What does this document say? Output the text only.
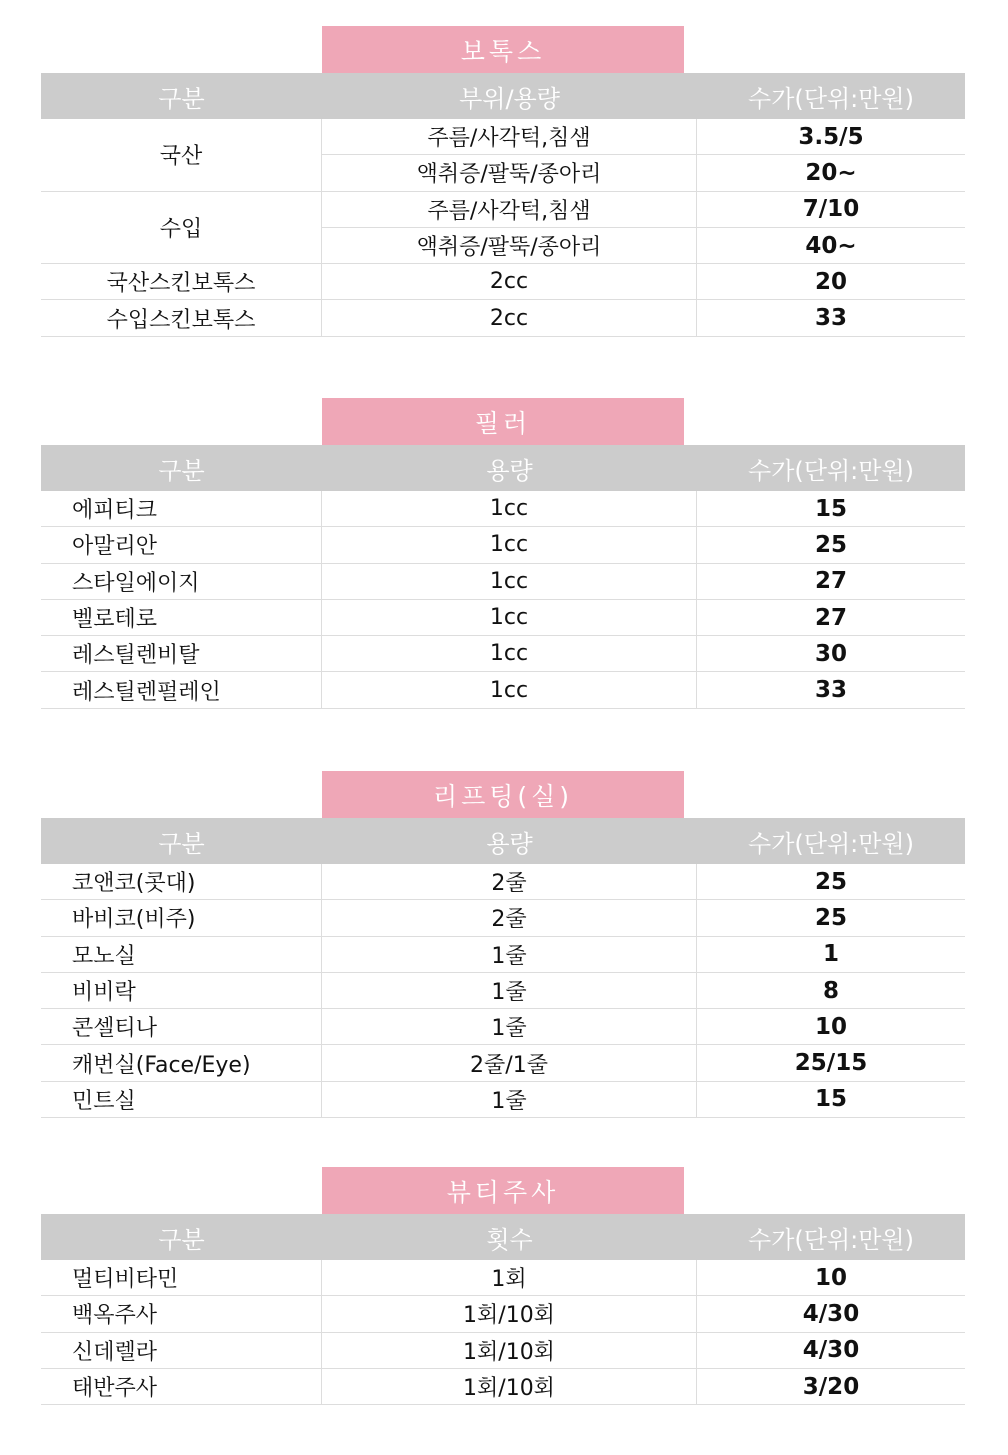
보톡스
구분	부위/용량	수가(단위:만원)
국산
주름/사각턱,침샘	3.5/5
액취증/팔뚝/종아리	20~
수입
주름/사각턱,침샘	7/10
액취증/팔뚝/종아리	40~
국산스킨보톡스	2cc	20
수입스킨보톡스	2cc	33
필러
구분	용량	수가(단위:만원)
에피티크	1cc	15
아말리안	1cc	25
스타일에이지	1cc	27
벨로테로	1cc	27
레스틸렌비탈	1cc	30
레스틸렌펄레인	1cc	33
리프팅(실)
구분	용량	수가(단위:만원)
코앤코(콧대)	2줄	25
바비코(비주)	2줄	25
모노실	1줄	1
비비락	1줄	8
콘셀티나	1줄	10
캐번실(Face/Eye)	2줄/1줄	25/15
민트실	1줄	15
뷰티주사
구분	횟수	수가(단위:만원)
멀티비타민	1회	10
백옥주사	1회/10회	4/30
신데렐라	1회/10회	4/30
태반주사	1회/10회	3/20
